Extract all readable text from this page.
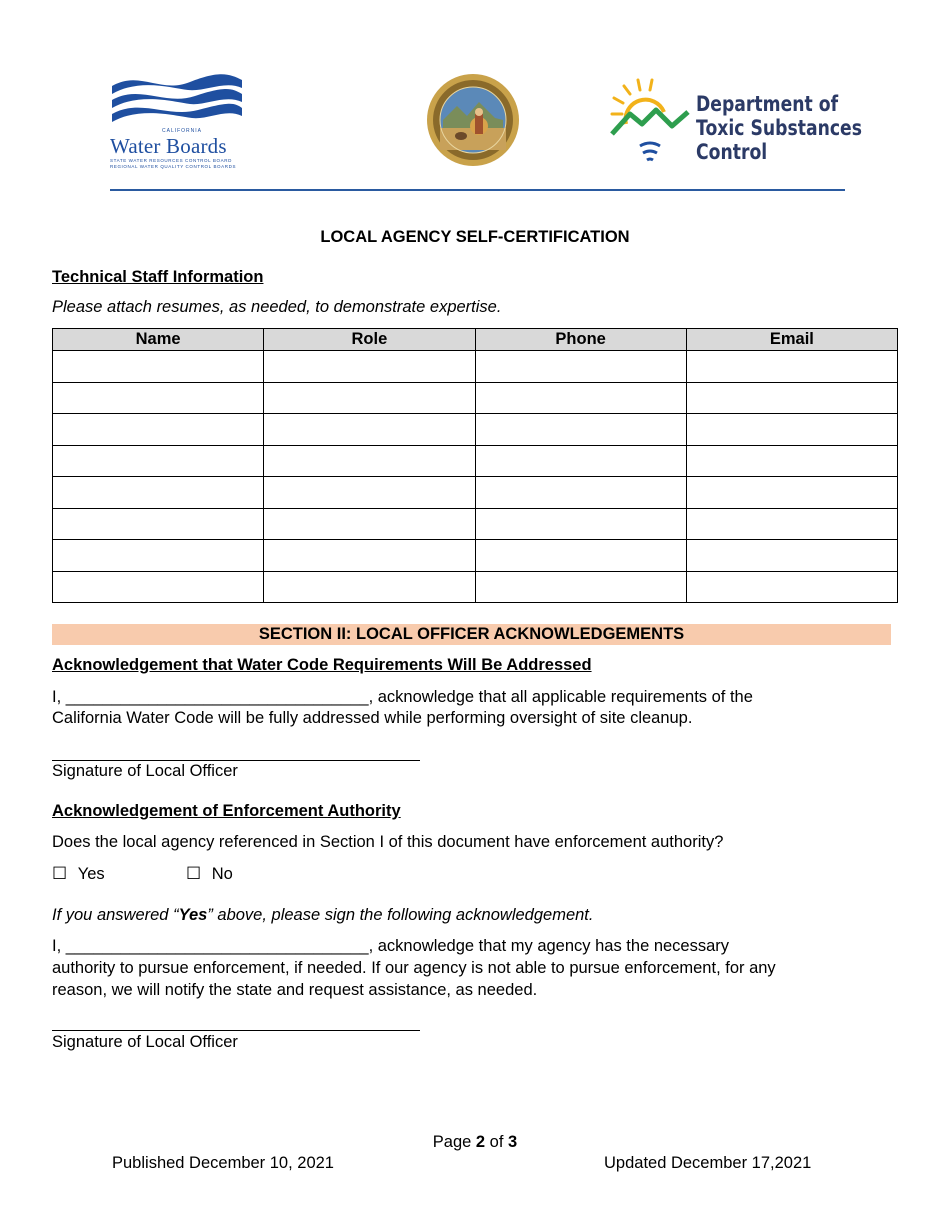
CALIFORNIA
Water Boards
STATE WATER RESOURCES CONTROL BOARD
REGIONAL WATER QUALITY CONTROL BOARDS
Department of
Toxic Substances
Control
LOCAL AGENCY SELF-CERTIFICATION
Technical Staff Information
Please attach resumes, as needed, to demonstrate expertise.
Name	Role	Phone	Email

SECTION II: LOCAL OFFICER ACKNOWLEDGEMENTS
Acknowledgement that Water Code Requirements Will Be Addressed
I, _________________________________, acknowledge that all applicable requirements of the
California Water Code will be fully addressed while performing oversight of site cleanup.
Signature of Local Officer
Acknowledgement of Enforcement Authority
Does the local agency referenced in Section I of this document have enforcement authority?
☐ Yes	☐ No
If you answered “Yes” above, please sign the following acknowledgement.
I, _________________________________, acknowledge that my agency has the necessary
authority to pursue enforcement, if needed. If our agency is not able to pursue enforcement, for any
reason, we will notify the state and request assistance, as needed.
Signature of Local Officer
Page 2 of 3
Published December 10, 2021	Updated December 17,2021
